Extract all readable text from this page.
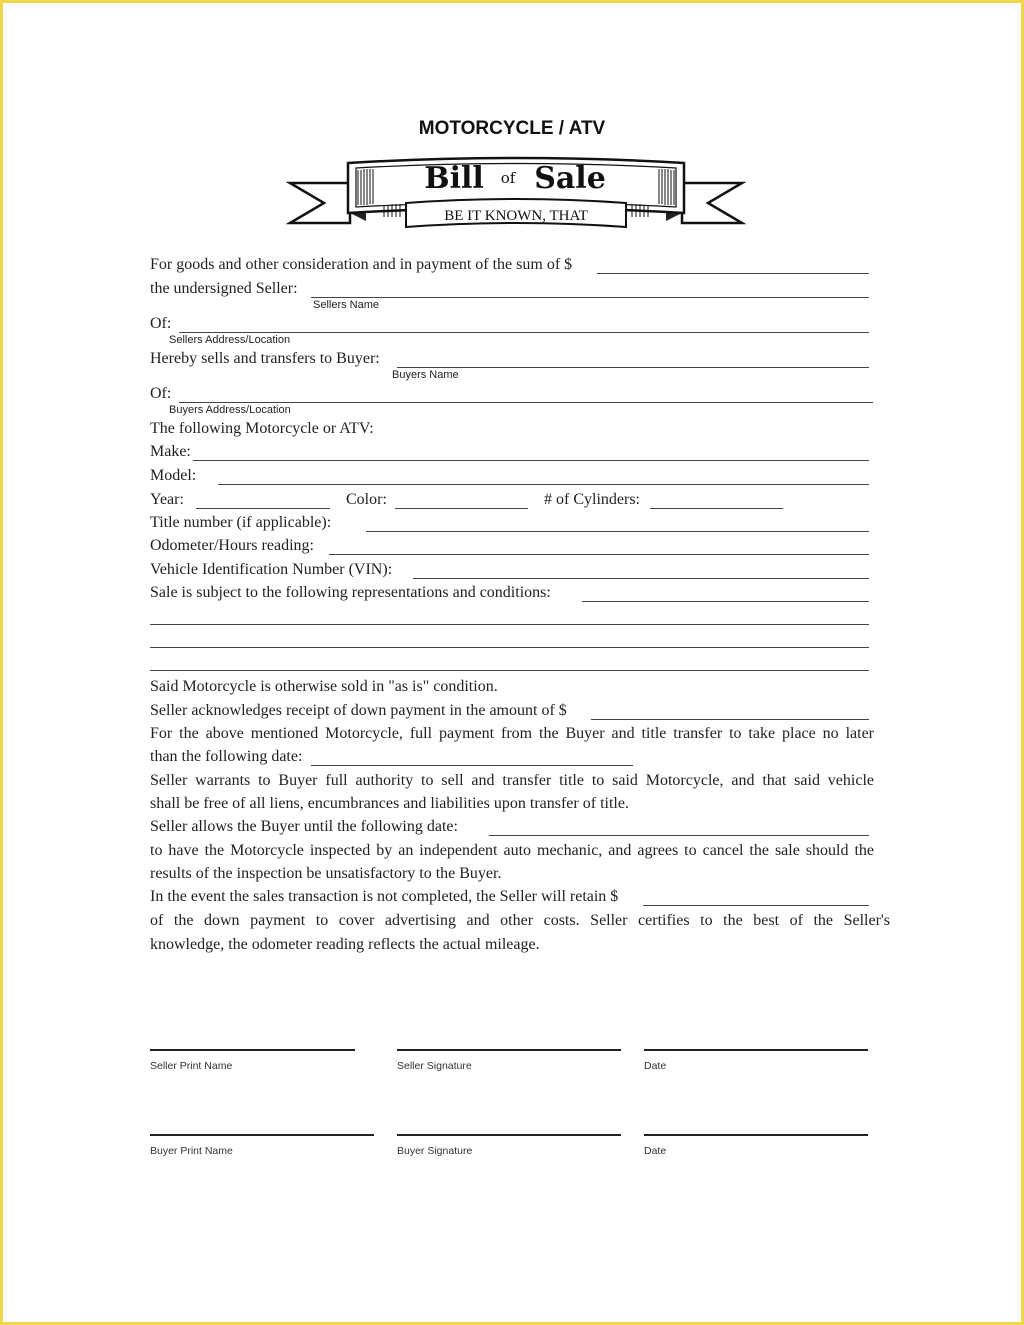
MOTORCYCLE / ATV
Bill of Sale
BE IT KNOWN, THAT
For goods and other consideration and in payment of the sum of $
the undersigned Seller:
Sellers Name
Of:
Sellers Address/Location
Hereby sells and transfers to Buyer:
Buyers Name
Of:
Buyers Address/Location
The following Motorcycle or ATV:
Make:
Model:
Year:	Color:	# of Cylinders:
Title number (if applicable):
Odometer/Hours reading:
Vehicle Identification Number (VIN):
Sale is subject to the following representations and conditions:
Said Motorcycle is otherwise sold in "as is" condition.
Seller acknowledges receipt of down payment in the amount of $
For the above mentioned Motorcycle, full payment from the Buyer and title transfer to take place no later
than the following date:
Seller warrants to Buyer full authority to sell and transfer title to said Motorcycle, and that said vehicle
shall be free of all liens, encumbrances and liabilities upon transfer of title.
Seller allows the Buyer until the following date:
to have the Motorcycle inspected by an independent auto mechanic, and agrees to cancel the sale should the
results of the inspection be unsatisfactory to the Buyer.
In the event the sales transaction is not completed, the Seller will retain $
of the down payment to cover advertising and other costs. Seller certifies to the best of the Seller's
knowledge, the odometer reading reflects the actual mileage.
Seller Print Name	Seller Signature	Date
Buyer Print Name	Buyer Signature	Date
